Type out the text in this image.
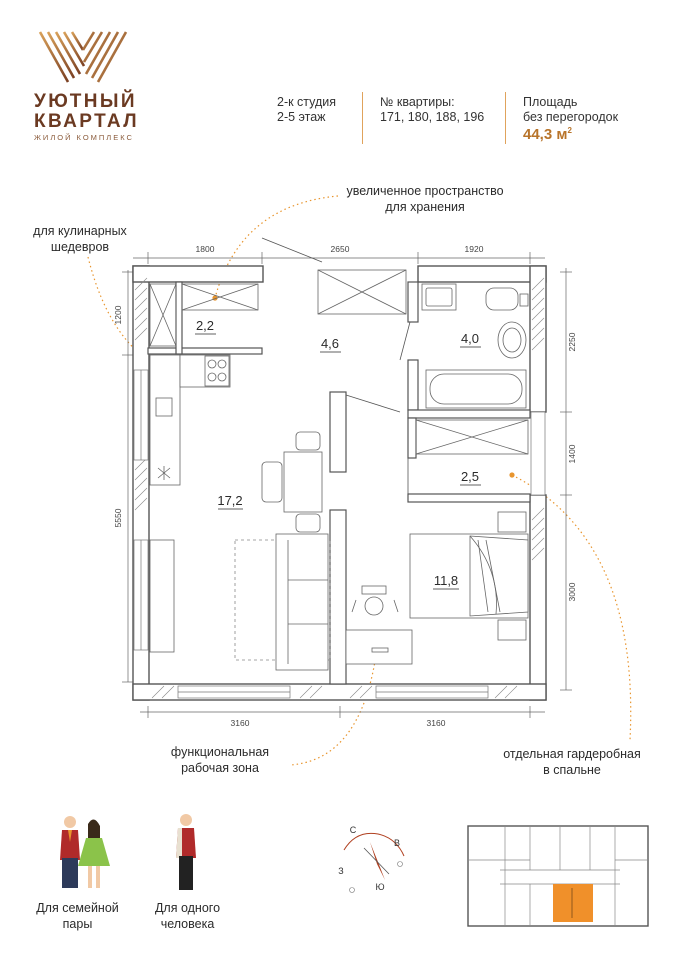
УЮТНЫЙ
КВАРТАЛ
ЖИЛОЙ КОМПЛЕКС
2-к студия
2-5 этаж
№ квартиры:
171, 180, 188, 196
Площадь
без перегородок
44,3 $м^2$
увеличенное пространство
для хранения
для кулинарных
шедевров
функциональная
рабочая зона
отдельная гардеробная
в спальне
2,2
4,6	4,0
17,2
2,5
11,8
1800	2650	1920
3160	3160
1200
5550
2250
1400
3000
С
В
Ю
З
Для семейной
пары
Для одного
человека
